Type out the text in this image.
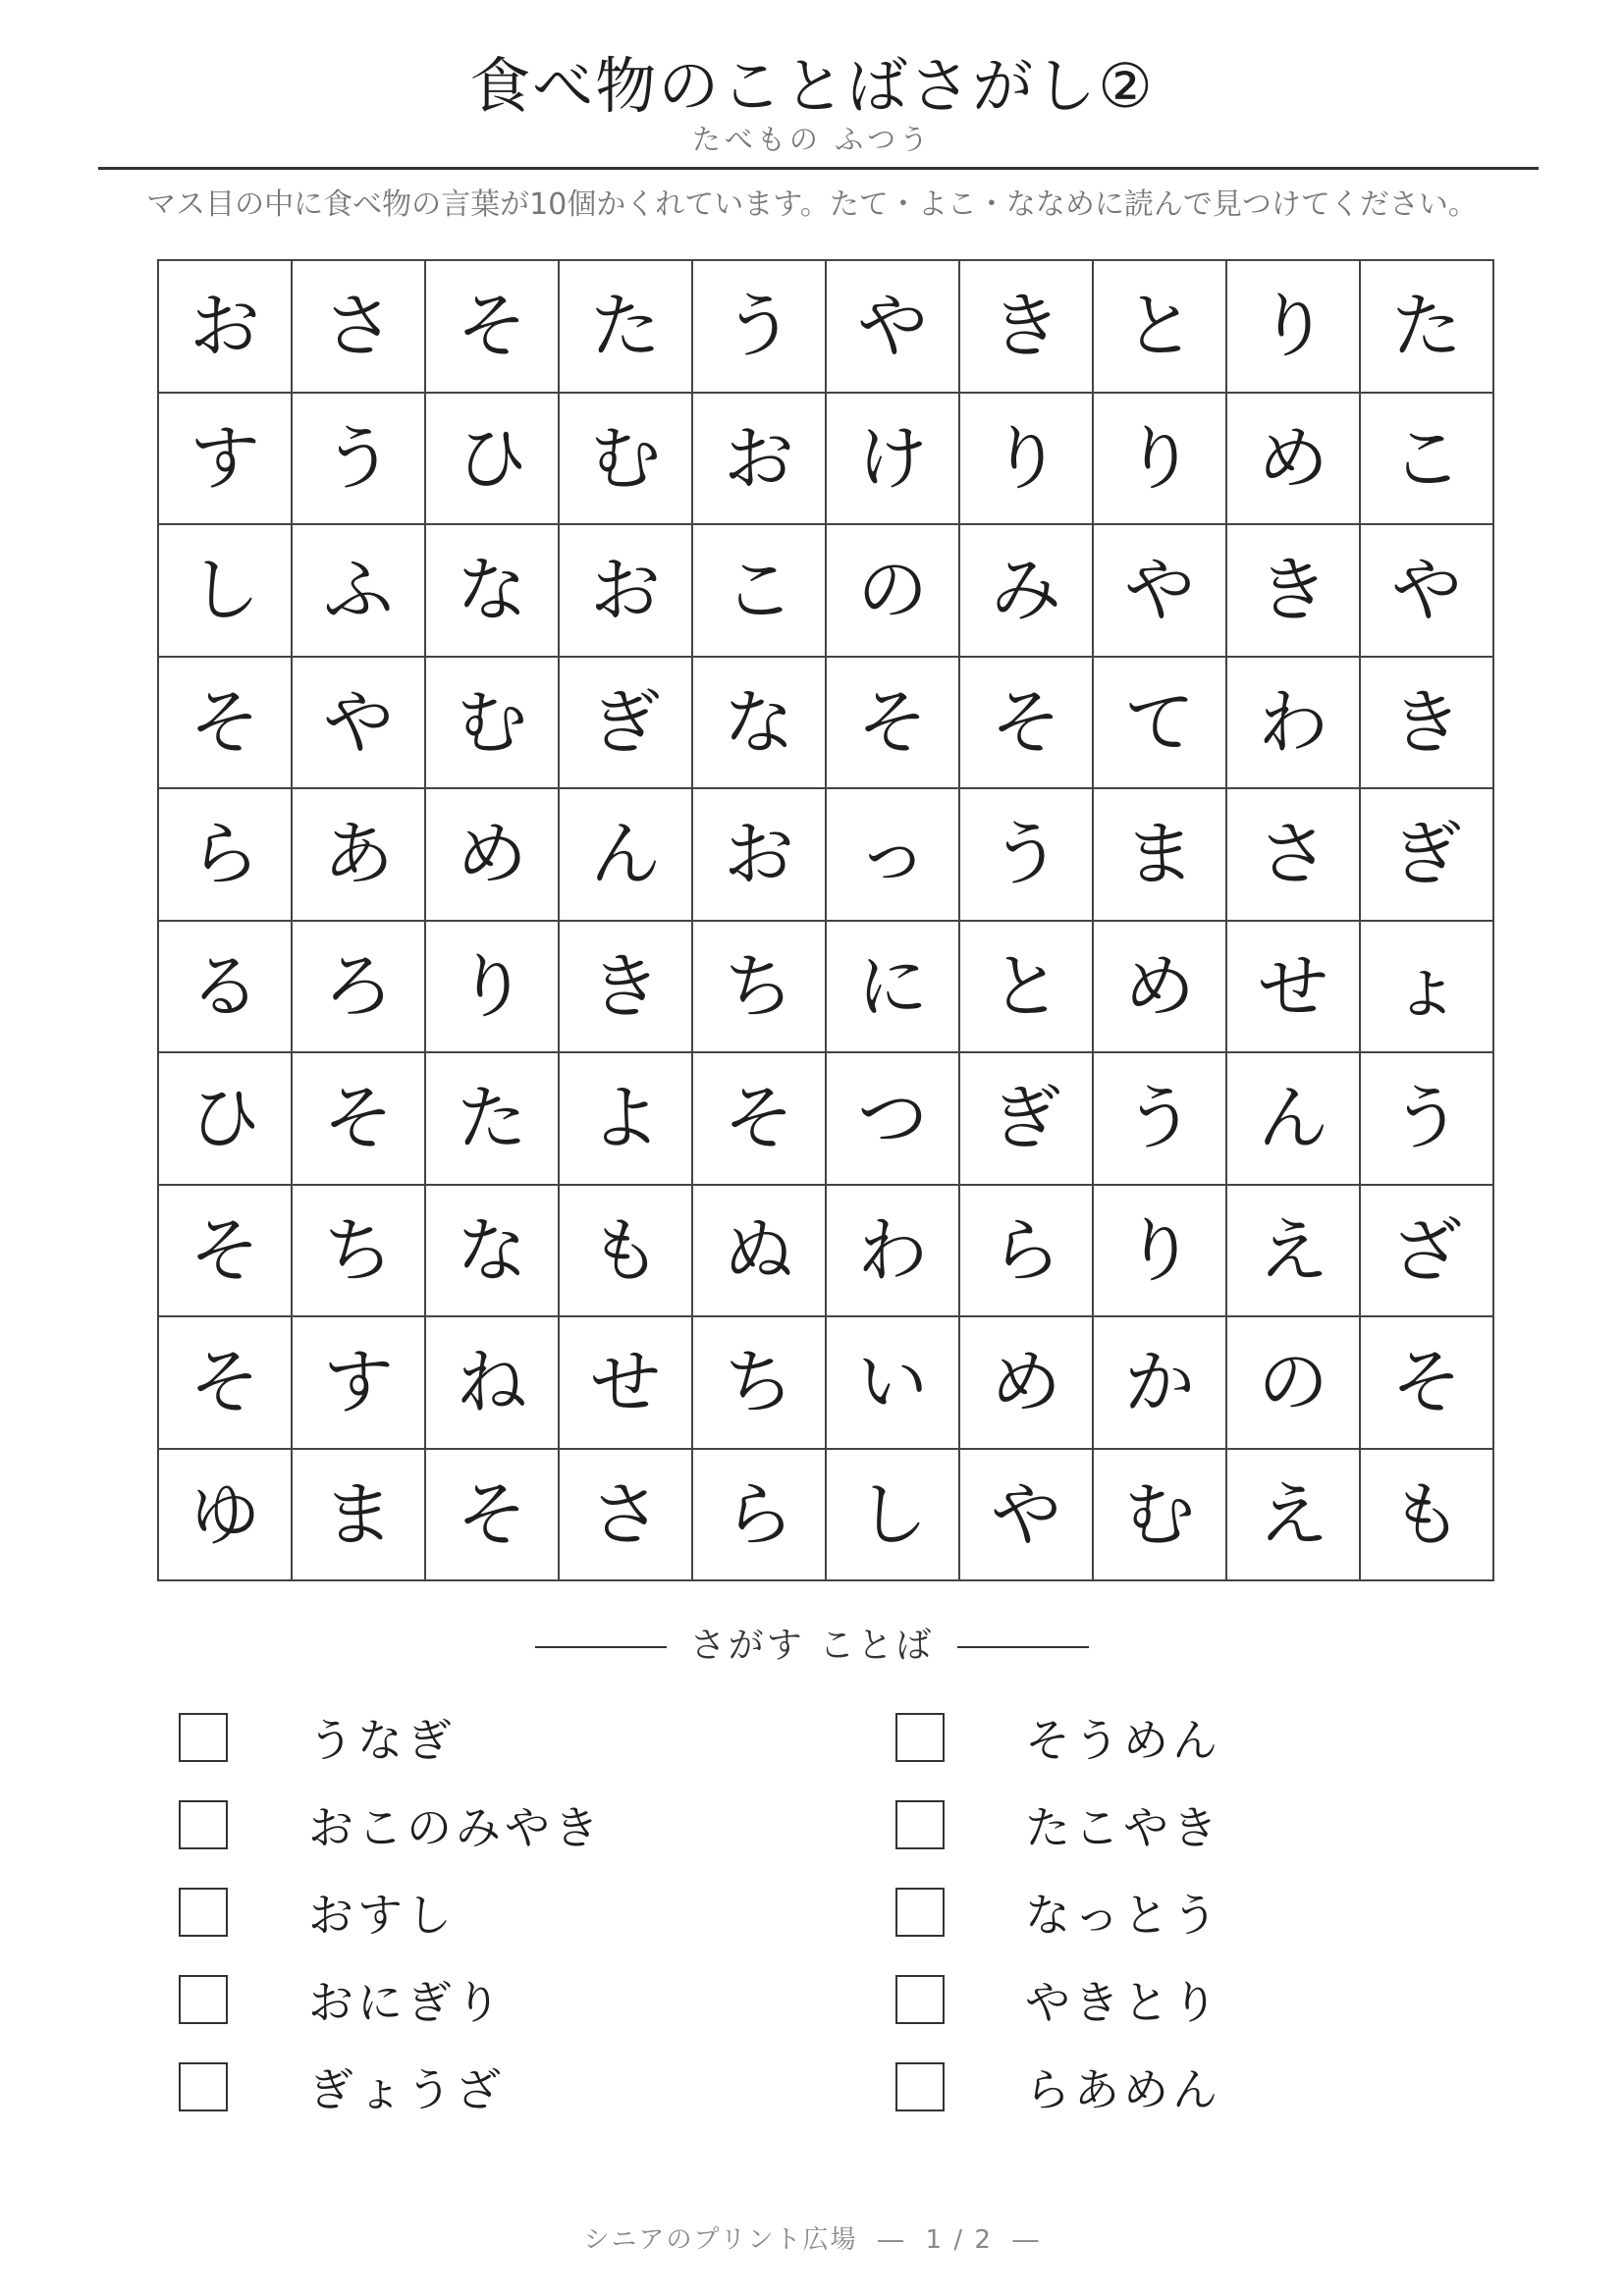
食べ物のことばさがし②
たべもの ふつう
マス目の中に食べ物の言葉が10個かくれています。たて・よこ・ななめに読んで見つけてください。
お	さ	そ	た	う	や	き	と	り	た
す	う	ひ	む	お	け	り	り	め	こ
し	ふ	な	お	こ	の	み	や	き	や
そ	や	む	ぎ	な	そ	そ	て	わ	き
ら	あ	め	ん	お	っ	う	ま	さ	ぎ
る	ろ	り	き	ち	に	と	め	せ	ょ
ひ	そ	た	よ	そ	つ	ぎ	う	ん	う
そ	ち	な	も	ぬ	わ	ら	り	え	ざ
そ	す	ね	せ	ち	い	め	か	の	そ
ゆ	ま	そ	さ	ら	し	や	む	え	も
さがす ことば
うなぎ
おこのみやき
おすし
おにぎり
ぎょうざ
そうめん
たこやき
なっとう
やきとり
らあめん
シニアのプリント広場  ―  1 / 2  ―
